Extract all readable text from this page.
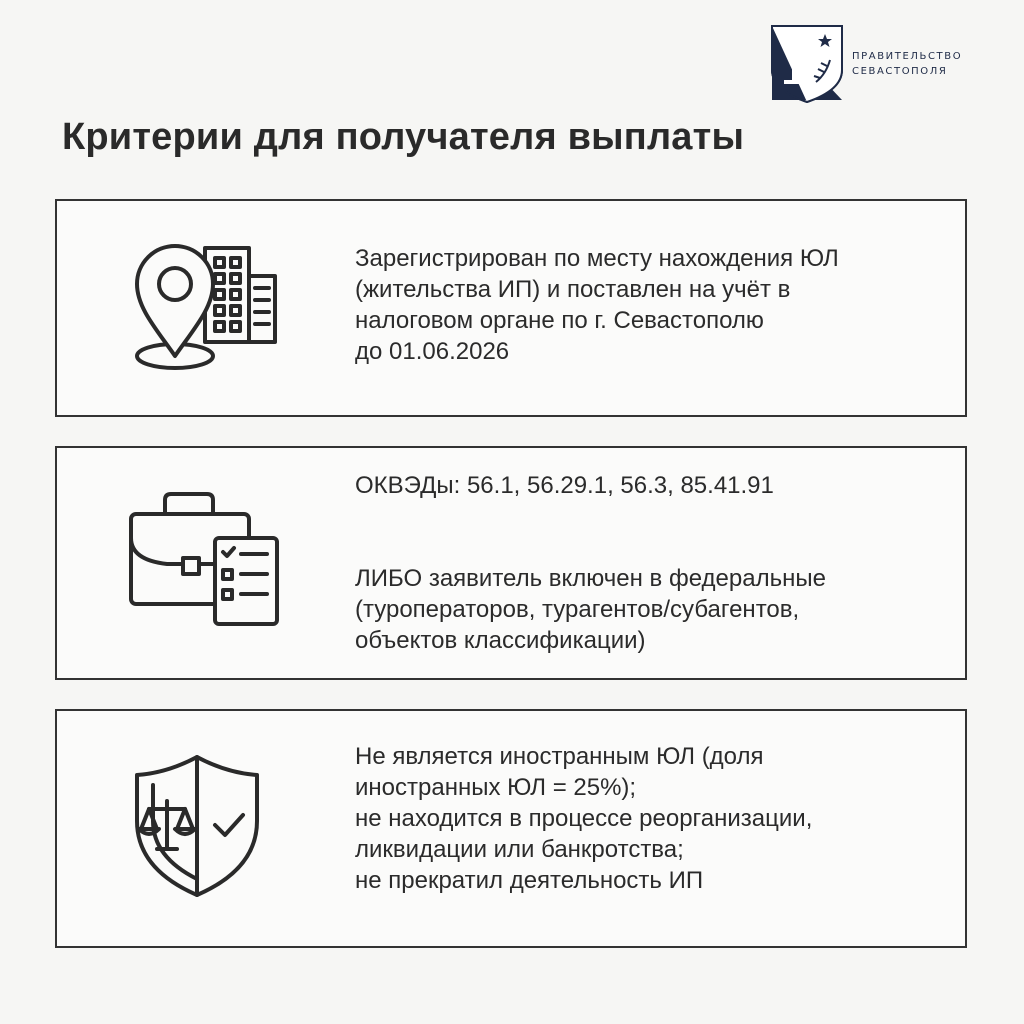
ПРАВИТЕЛЬСТВО
СЕВАСТОПОЛЯ
Критерии для получателя выплаты

Зарегистрирован по месту нахождения ЮЛ

(жительства ИП) и поставлен на учёт в

налоговом органе по г. Севастополю

до 01.06.2026

ОКВЭДы: 56.1, 56.29.1, 56.3, 85.41.91

ЛИБО заявитель включен в федеральные

(туроператоров, турагентов/субагентов,

объектов классификации)

Не является иностранным ЮЛ (доля

иностранных ЮЛ = 25%);

не находится в процессе реорганизации,

ликвидации или банкротства;

не прекратил деятельность ИП
